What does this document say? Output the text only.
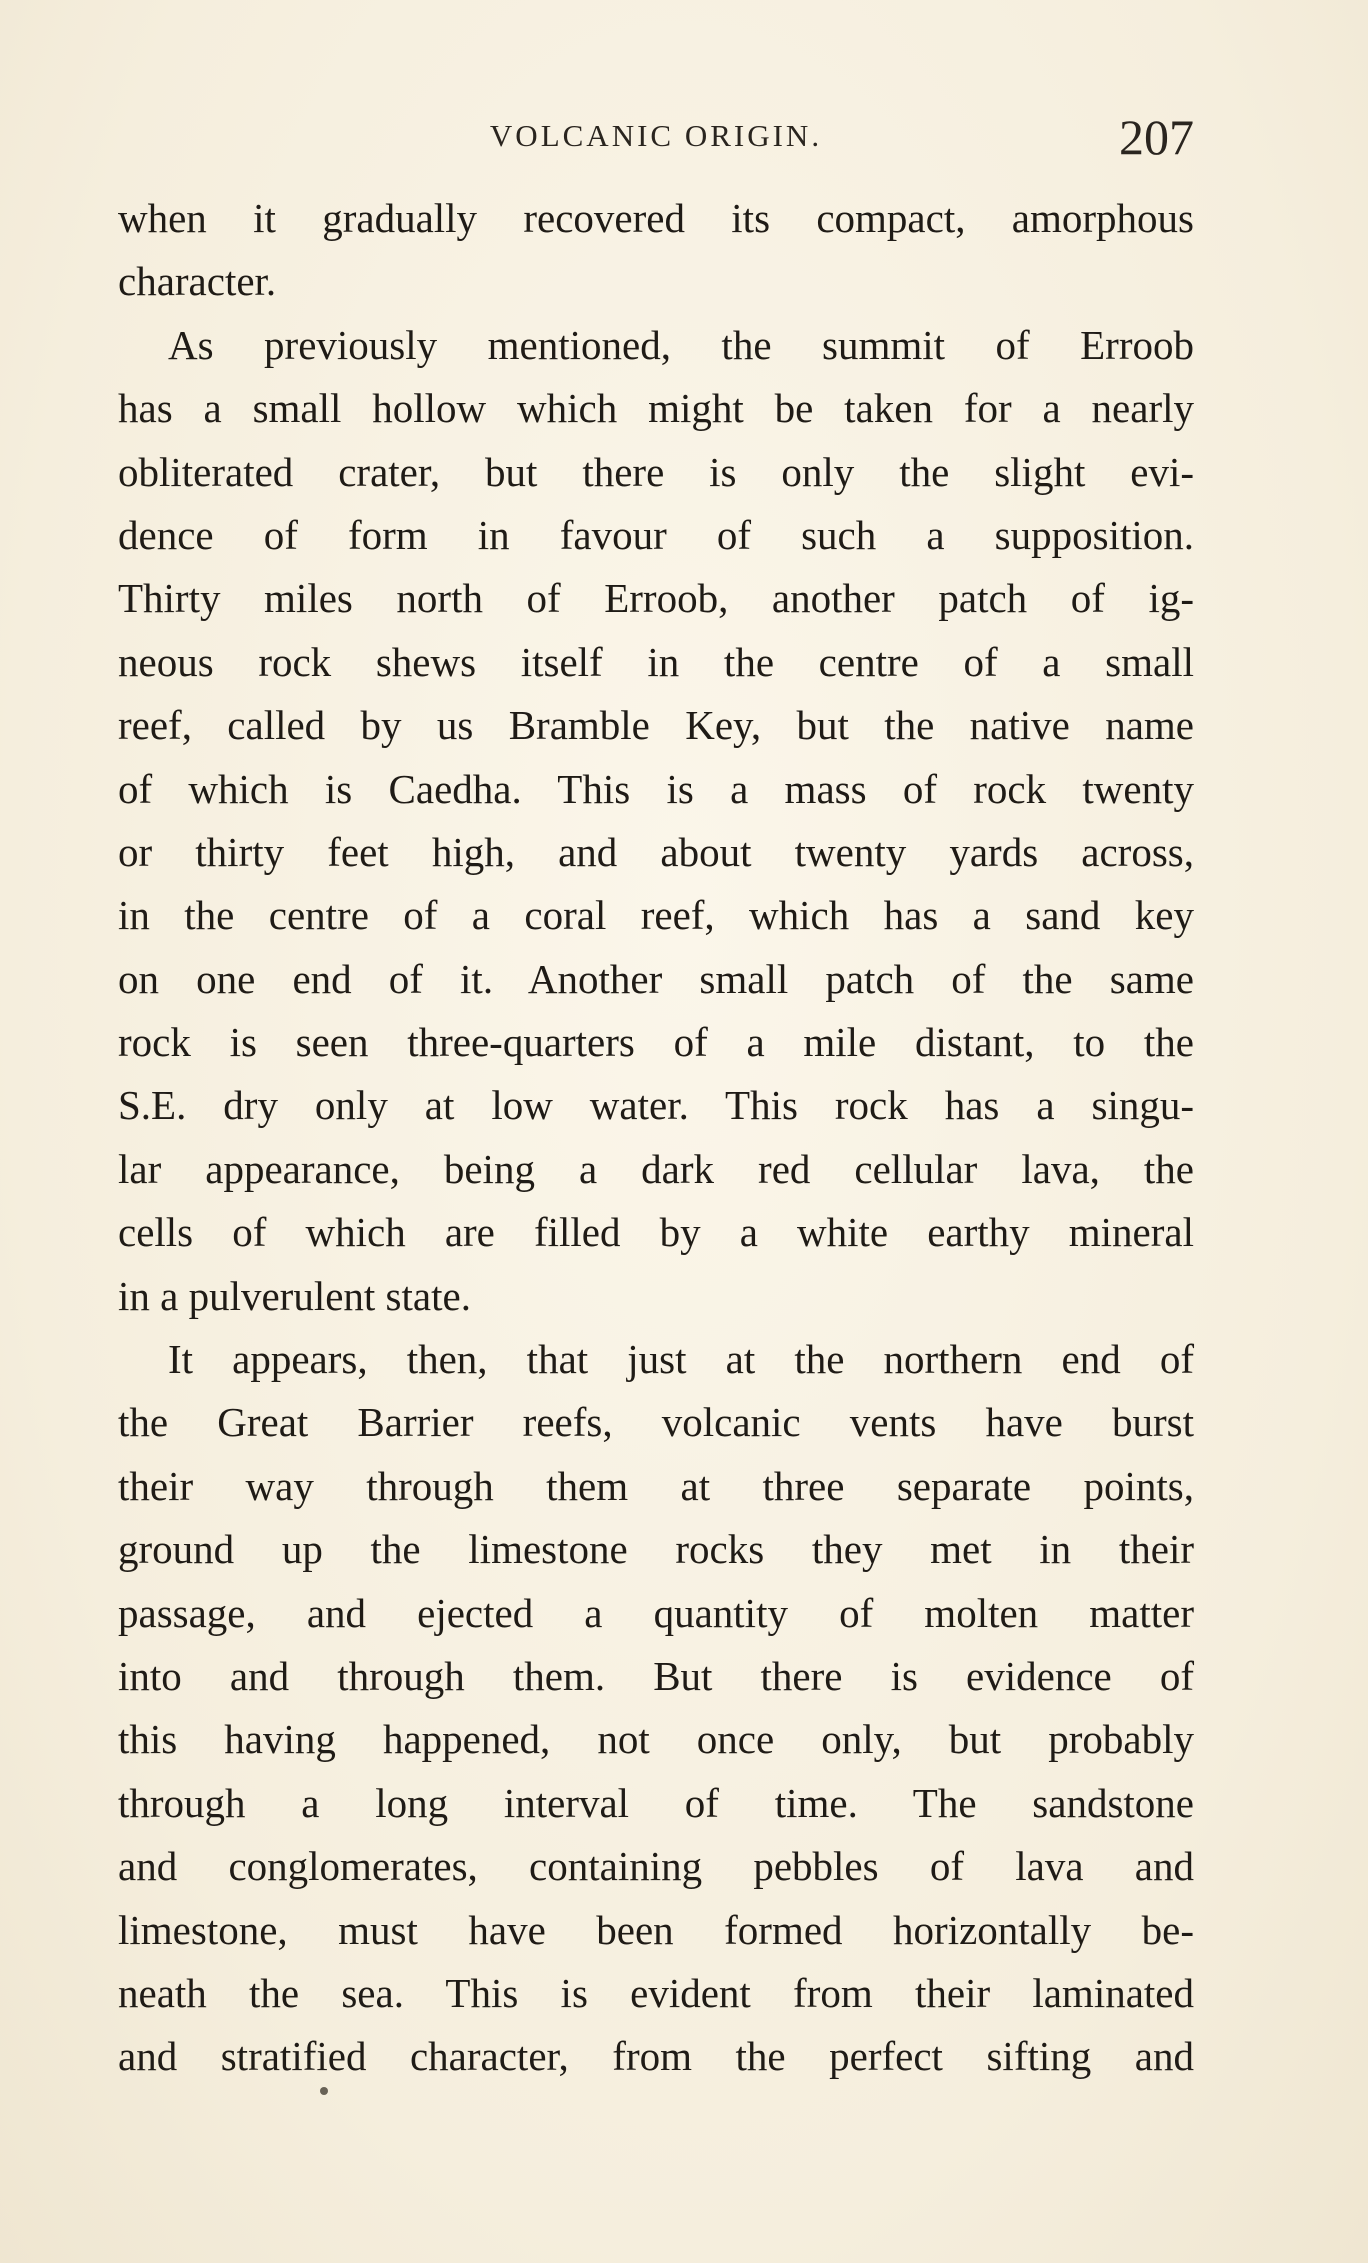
VOLCANIC ORIGIN.	207
when it gradually recovered its compact, amorphous
character.
As previously mentioned, the summit of Erroob
has a small hollow which might be taken for a nearly
obliterated crater, but there is only the slight evi-
dence of form in favour of such a supposition.
Thirty miles north of Erroob, another patch of ig-
neous rock shews itself in the centre of a small
reef, called by us Bramble Key, but the native name
of which is Caedha. This is a mass of rock twenty
or thirty feet high, and about twenty yards across,
in the centre of a coral reef, which has a sand key
on one end of it. Another small patch of the same
rock is seen three-quarters of a mile distant, to the
S.E. dry only at low water. This rock has a singu-
lar appearance, being a dark red cellular lava, the
cells of which are filled by a white earthy mineral
in a pulverulent state.
It appears, then, that just at the northern end of
the Great Barrier reefs, volcanic vents have burst
their way through them at three separate points,
ground up the limestone rocks they met in their
passage, and ejected a quantity of molten matter
into and through them. But there is evidence of
this having happened, not once only, but probably
through a long interval of time. The sandstone
and conglomerates, containing pebbles of lava and
limestone, must have been formed horizontally be-
neath the sea. This is evident from their laminated
and stratified character, from the perfect sifting and
